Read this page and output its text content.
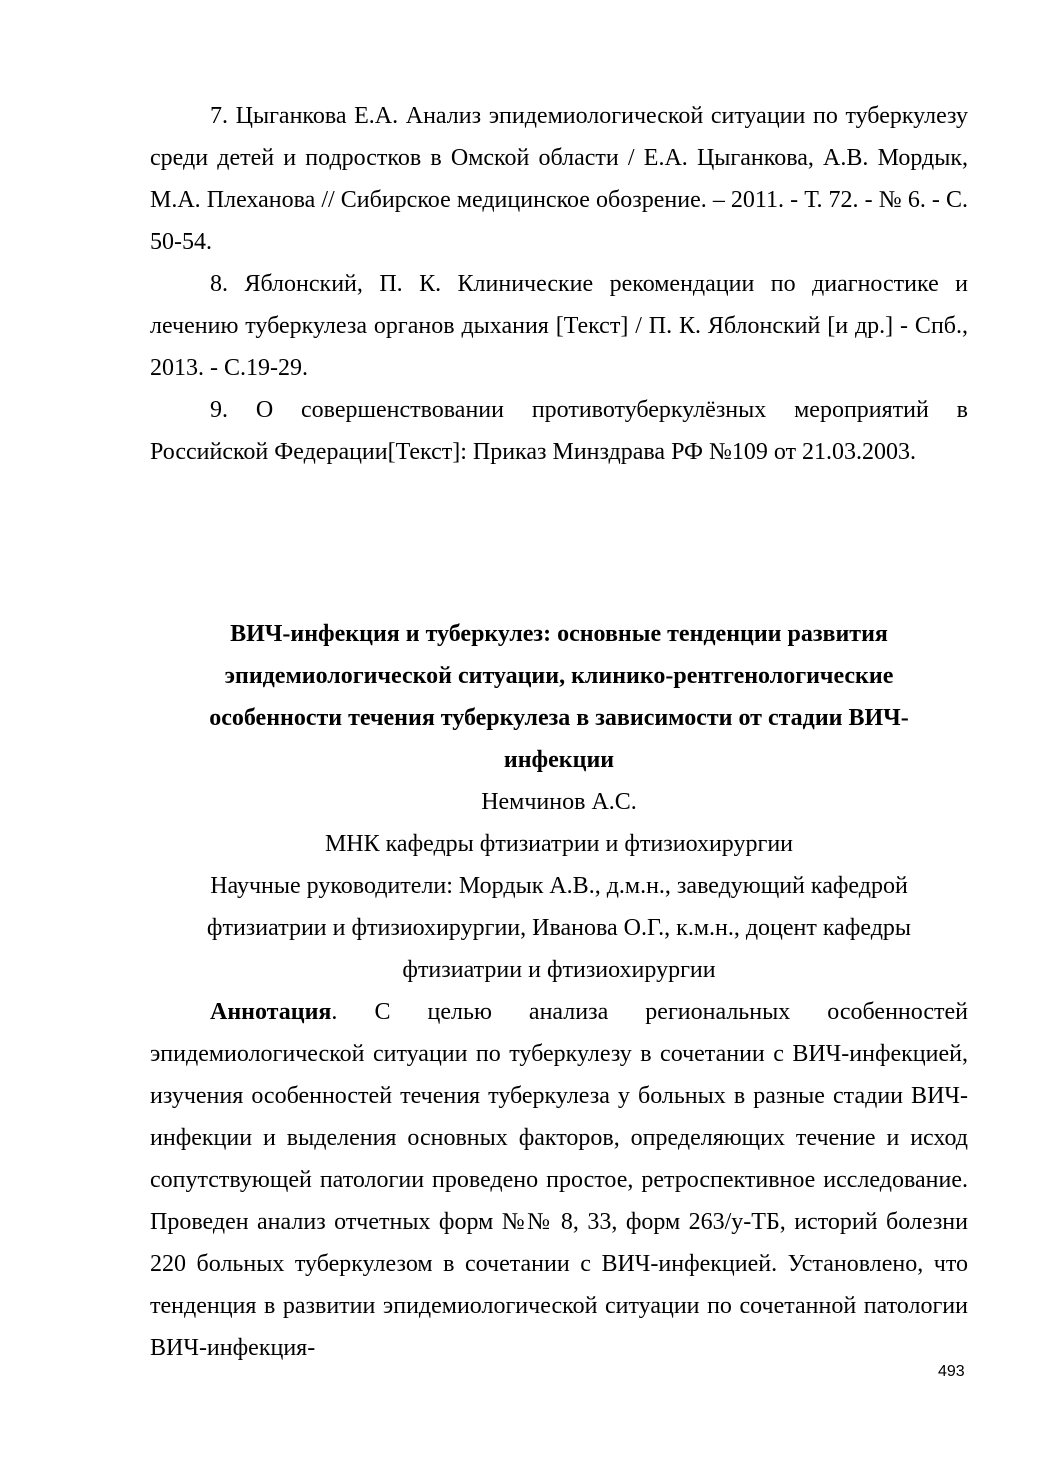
7. Цыганкова Е.А. Анализ эпидемиологической ситуации по туберкулезу среди детей и подростков в Омской области / Е.А. Цыганкова, А.В. Мордык, М.А. Плеханова // Сибирское медицинское обозрение. – 2011. - Т. 72. - № 6. - С. 50-54.

8. Яблонский, П. К. Клинические рекомендации по диагностике и лечению туберкулеза органов дыхания [Текст] / П. К. Яблонский [и др.] - Спб., 2013. - С.19-29.

9. О совершенствовании противотуберкулёзных мероприятий в Российской Федерации[Текст]: Приказ Минздрава РФ №109 от 21.03.2003.

ВИЧ-инфекция и туберкулез: основные тенденции развития эпидемиологической ситуации, клинико-рентгенологические особенности течения туберкулеза в зависимости от стадии ВИЧ-инфекции

Немчинов А.С.

МНК кафедры фтизиатрии и фтизиохирургии

Научные руководители: Мордык А.В., д.м.н., заведующий кафедрой

фтизиатрии и фтизиохирургии, Иванова О.Г., к.м.н., доцент кафедры

фтизиатрии и фтизиохирургии

Аннотация. С целью анализа региональных особенностей эпидемиологической ситуации по туберкулезу в сочетании с ВИЧ-инфекцией, изучения особенностей течения туберкулеза у больных в разные стадии ВИЧ-инфекции и выделения основных факторов, определяющих течение и исход сопутствующей патологии проведено простое, ретроспективное исследование. Проведен анализ отчетных форм №№ 8, 33, форм 263/у-ТБ, историй болезни 220 больных туберкулезом в сочетании с ВИЧ-инфекцией. Установлено, что тенденция в развитии эпидемиологической ситуации по сочетанной патологии ВИЧ-инфекция-

493
